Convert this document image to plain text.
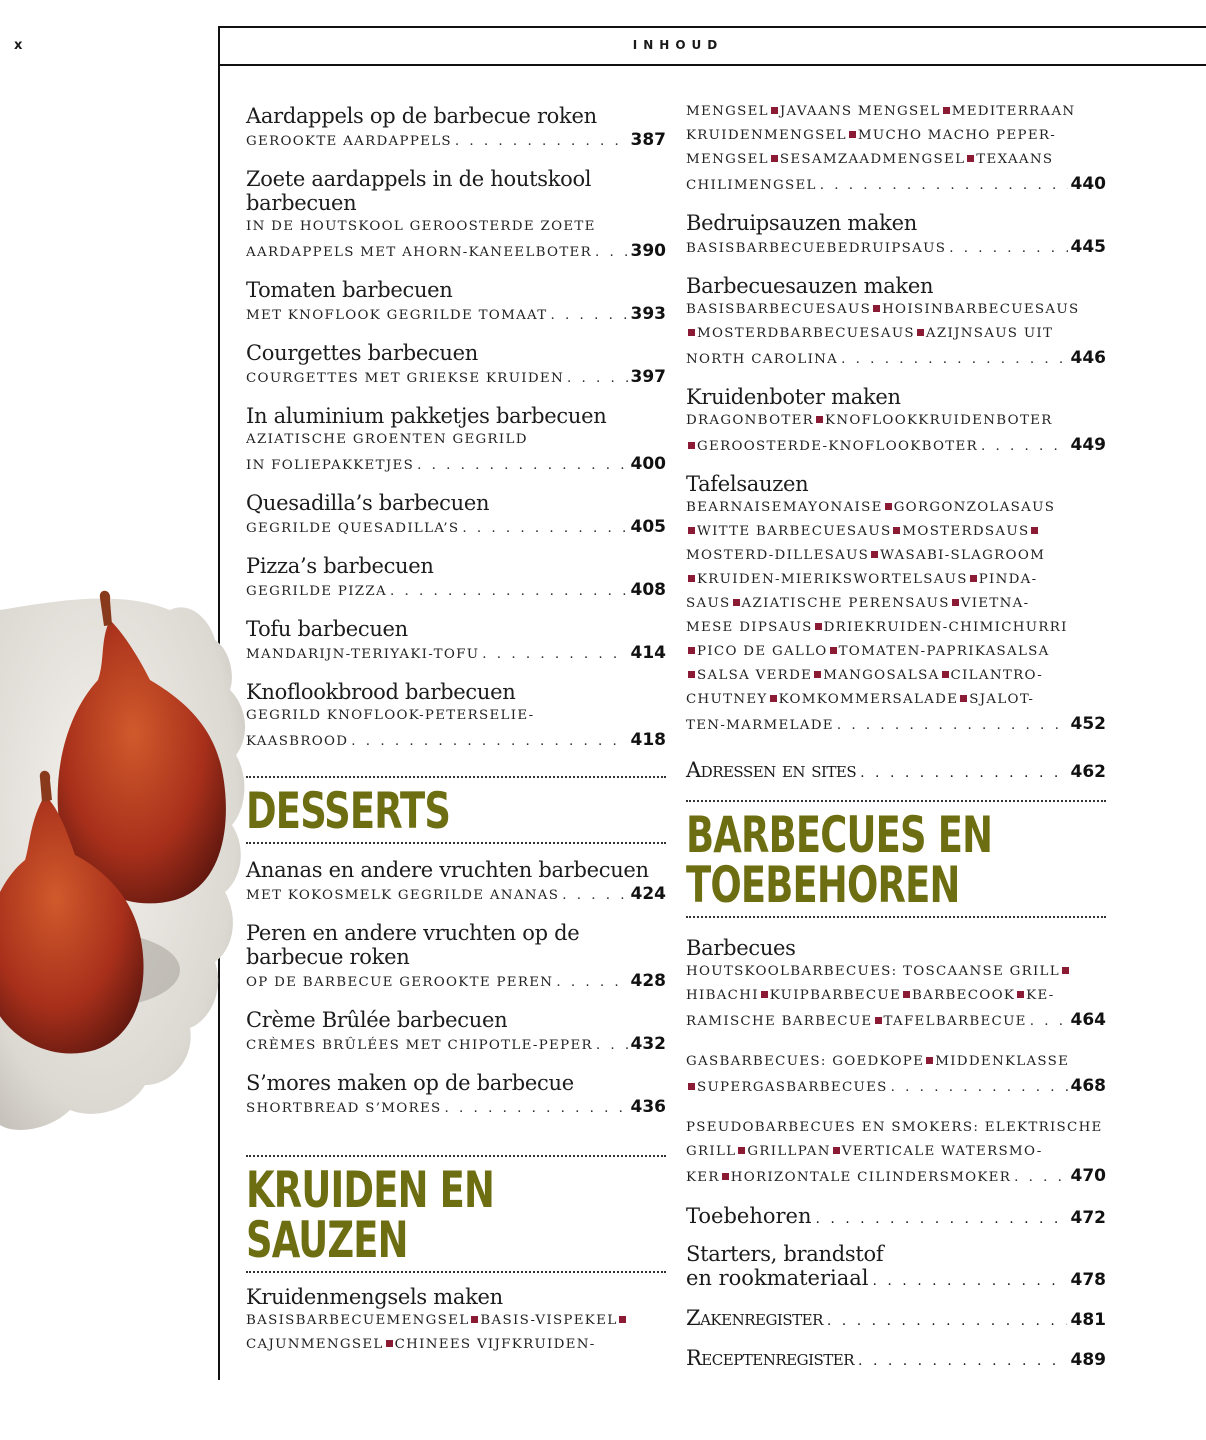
x	INHOUD
Aardappels op de barbecue roken
GEROOKTE AARDAPPELS . . .	387
Zoete aardappels in de houtskool
barbecuen
IN DE HOUTSKOOL GEROOSTERDE ZOETE
AARDAPPELS MET AHORN-KANEELBOTER . . . 390
Tomaten barbecuen
MET KNOFLOOK GEGRILDE TOMAAT . . .	393
Courgettes barbecuen
COURGETTES MET GRIEKSE KRUIDEN . . .	397
In aluminium pakketjes barbecuen
AZIATISCHE GROENTEN GEGRILD
IN FOLIEPAKKETJES . . .	400
Quesadilla’s barbecuen
GEGRILDE QUESADILLA’S . . .	405
Pizza’s barbecuen
GEGRILDE PIZZA . . .	408
Tofu barbecuen
MANDARIJN-TERIYAKI-TOFU . . .	414
Knoflookbrood barbecuen
GEGRILD KNOFLOOK-PETERSELIE-
KAASBROOD . . .	418
DESSERTS
Ananas en andere vruchten barbecuen
MET KOKOSMELK GEGRILDE ANANAS . . .	424
Peren en andere vruchten op de
barbecue roken
OP DE BARBECUE GEROOKTE PEREN . . .	428
Crème Brûlée barbecuen
CRÈMES BRÛLÉES MET CHIPOTLE-PEPER . . . 432
S’mores maken op de barbecue
SHORTBREAD S’MORES . . .	436
KRUIDEN EN
SAUZEN
Kruidenmengsels maken
BASISBARBECUEMENGSEL BASIS-VISPEKEL
CAJUNMENGSEL CHINEES VIJFKRUIDEN-
MENGSEL JAVAANS MENGSEL MEDITERRAAN
KRUIDENMENGSEL MUCHO MACHO PEPER-
MENGSEL SESAMZAADMENGSEL TEXAANS
CHILIMENGSEL . . .	440
Bedruipsauzen maken
BASISBARBECUEBEDRUIPSAUS . . .	445
Barbecuesauzen maken
BASISBARBECUESAUS HOISINBARBECUESAUS
MOSTERDBARBECUESAUS AZIJNSAUS UIT
NORTH CAROLINA . . .	446
Kruidenboter maken
DRAGONBOTER KNOFLOOKKRUIDENBOTER
GEROOSTERDE-KNOFLOOKBOTER . . .	449
Tafelsauzen
BEARNAISEMAYONAISE GORGONZOLASAUS
WITTE BARBECUESAUS MOSTERDSAUS
MOSTERD-DILLESAUS WASABI-SLAGROOM
KRUIDEN-MIERIKSWORTELSAUS PINDA-
SAUS AZIATISCHE PERENSAUS VIETNA-
MESE DIPSAUS DRIEKRUIDEN-CHIMICHURRI
PICO DE GALLO TOMATEN-PAPRIKASALSA
SALSA VERDE MANGOSALSA CILANTRO-
CHUTNEY KOMKOMMERSALADE SJALOT-
TEN-MARMELADE . . .	452
Adressen en sites . . .	462
BARBECUES EN
TOEBEHOREN
Barbecues
HOUTSKOOLBARBECUES: TOSCAANSE GRILL
HIBACHI KUIPBARBECUE BARBECOOK KE-
RAMISCHE BARBECUE TAFELBARBECUE . . .	464
GASBARBECUES: GOEDKOPE MIDDENKLASSE
SUPERGASBARBECUES . . .	468
PSEUDOBARBECUES EN SMOKERS: ELEKTRISCHE
GRILL GRILLPAN VERTICALE WATERSMO-
KER HORIZONTALE CILINDERSMOKER . . .	470
Toebehoren . . .	472
Starters, brandstof
en rookmateriaal . . .	478
Zakenregister . . .	481
Receptenregister . . .	489
